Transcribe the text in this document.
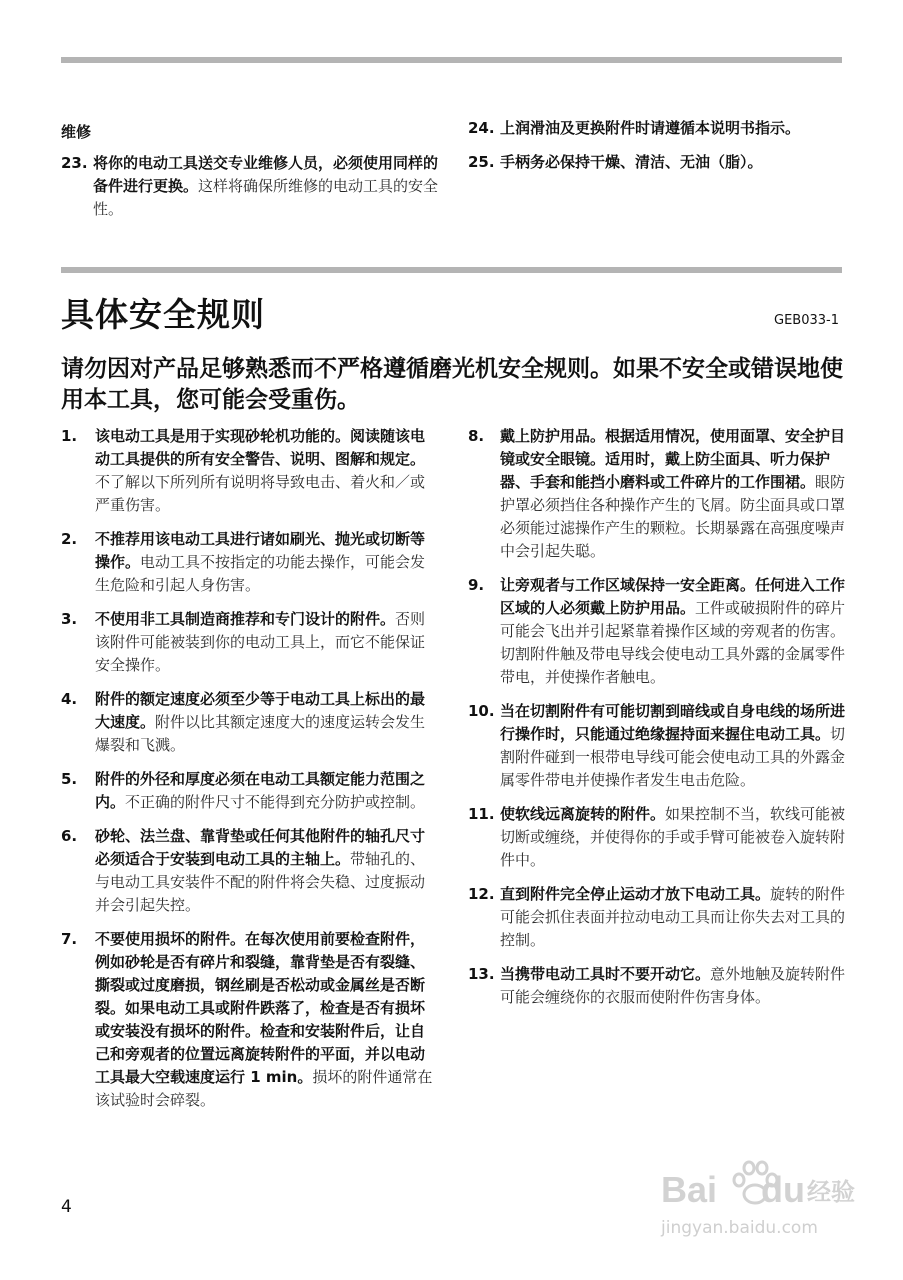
维修
23. 将你的电动工具送交专业维修人员，必须使用同样的备件进行更换。这样将确保所维修的电动工具的安全性。
24. 上润滑油及更换附件时请遵循本说明书指示。
25. 手柄务必保持干燥、清洁、无油（脂）。
具体安全规则	GEB033-1

请勿因对产品足够熟悉而不严格遵循磨光机安全规则。如果不安全或错误地使用本工具，您可能会受重伤。

1.	该电动工具是用于实现砂轮机功能的。阅读随该电动工具提供的所有安全警告、说明、图解和规定。不了解以下所列所有说明将导致电击、着火和／或严重伤害。
2.	不推荐用该电动工具进行诸如刷光、抛光或切断等操作。电动工具不按指定的功能去操作，可能会发生危险和引起人身伤害。
3.	不使用非工具制造商推荐和专门设计的附件。否则该附件可能被装到你的电动工具上，而它不能保证安全操作。
4.	附件的额定速度必须至少等于电动工具上标出的最大速度。附件以比其额定速度大的速度运转会发生爆裂和飞溅。
5.	附件的外径和厚度必须在电动工具额定能力范围之内。不正确的附件尺寸不能得到充分防护或控制。
6.	砂轮、法兰盘、靠背垫或任何其他附件的轴孔尺寸必须适合于安装到电动工具的主轴上。带轴孔的、与电动工具安装件不配的附件将会失稳、过度振动并会引起失控。
7.	不要使用损坏的附件。在每次使用前要检查附件，例如砂轮是否有碎片和裂缝，靠背垫是否有裂缝、撕裂或过度磨损，钢丝刷是否松动或金属丝是否断裂。如果电动工具或附件跌落了，检查是否有损坏或安装没有损坏的附件。检查和安装附件后，让自己和旁观者的位置远离旋转附件的平面，并以电动工具最大空载速度运行 1 min。损坏的附件通常在该试验时会碎裂。
8.	戴上防护用品。根据适用情况，使用面罩、安全护目镜或安全眼镜。适用时，戴上防尘面具、听力保护器、手套和能挡小磨料或工件碎片的工作围裙。眼防护罩必须挡住各种操作产生的飞屑。防尘面具或口罩必须能过滤操作产生的颗粒。长期暴露在高强度噪声中会引起失聪。
9.	让旁观者与工作区域保持一安全距离。任何进入工作区域的人必须戴上防护用品。工件或破损附件的碎片可能会飞出并引起紧靠着操作区域的旁观者的伤害。切割附件触及带电导线会使电动工具外露的金属零件带电，并使操作者触电。
10. 当在切割附件有可能切割到暗线或自身电线的场所进行操作时，只能通过绝缘握持面来握住电动工具。切割附件碰到一根带电导线可能会使电动工具的外露金属零件带电并使操作者发生电击危险。
11. 使软线远离旋转的附件。如果控制不当，软线可能被切断或缠绕，并使得你的手或手臂可能被卷入旋转附件中。
12. 直到附件完全停止运动才放下电动工具。旋转的附件可能会抓住表面并拉动电动工具而让你失去对工具的控制。
13. 当携带电动工具时不要开动它。意外地触及旋转附件可能会缠绕你的衣服而使附件伤害身体。
4	Bai du 经验
jingyan.baidu.com
